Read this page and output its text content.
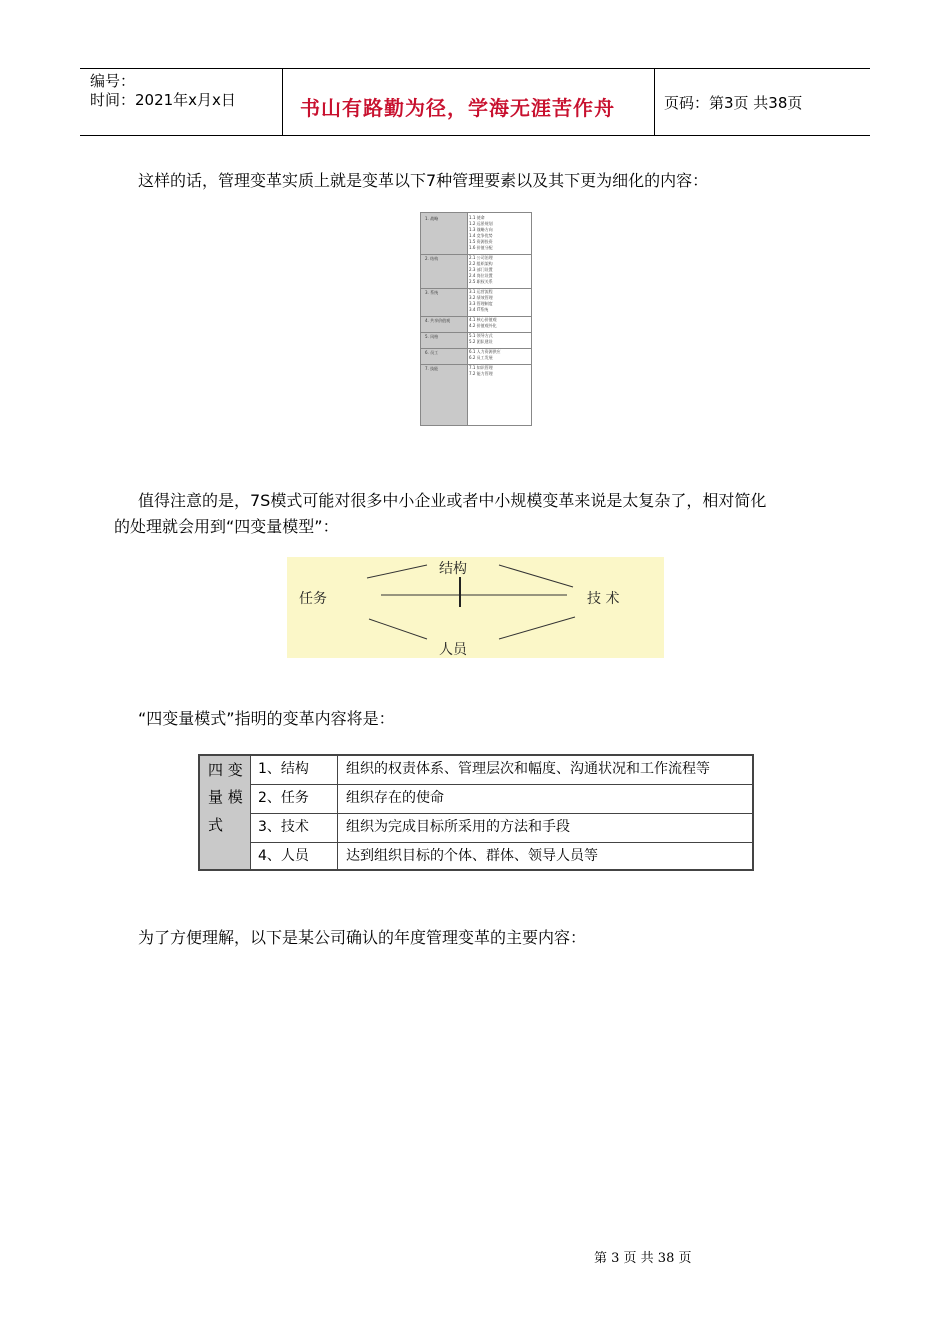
编号：
时间：2021年x月x日	书山有路勤为径，学海无涯苦作舟	页码：第3页 共38页
这样的话，管理变革实质上就是变革以下7种管理要素以及其下更为细化的内容：
1. 战略	1.1 使命
1.2 远景规划
1.3 战略方向
1.4 竞争优势
1.5 资源投资
1.6 价值分配
2. 结构	2.1 公司治理
2.2 组织架构
2.3 部门设置
2.4 岗位设置
2.5 职权关系
3. 系统	3.1 运营流程
3.2 绩效管理
3.3 管理制度
3.4 IT系统
4. 共享价值观	4.1 核心价值观
4.2 价值观外化
5. 风格	5.1 领导方式
5.2 团队建设
6. 员工	6.1 人力资源供应
6.2 员工发展
7. 技能	7.1 知识管理
7.2 能力管理
值得注意的是，7S模式可能对很多中小企业或者中小规模变革来说是太复杂了，相对简化
的处理就会用到“四变量模型”：
结构
任务	技 术
人员
“四变量模式”指明的变革内容将是：
四 变
量 模
式
1、结构	组织的权责体系、管理层次和幅度、沟通状况和工作流程等
2、任务	组织存在的使命
3、技术	组织为完成目标所采用的方法和手段
4、人员	达到组织目标的个体、群体、领导人员等
为了方便理解，以下是某公司确认的年度管理变革的主要内容：
第 3 页 共 38 页
